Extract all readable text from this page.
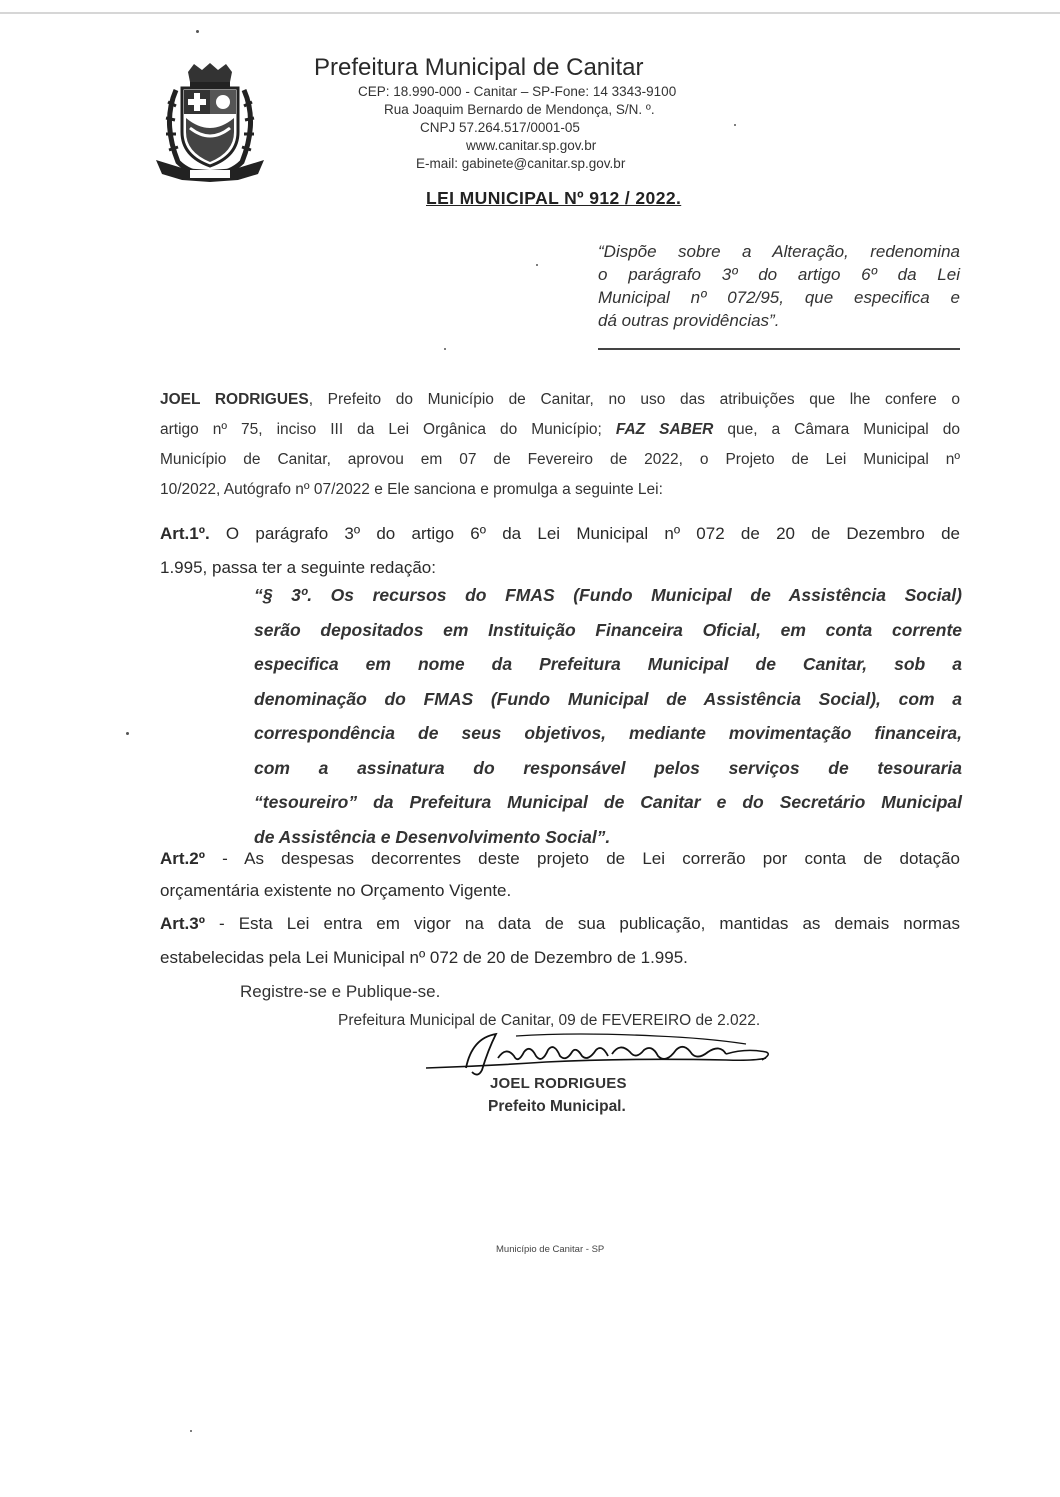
Prefeitura Municipal de Canitar
CEP: 18.990-000 - Canitar – SP-Fone: 14 3343-9100
Rua Joaquim Bernardo de Mendonça, S/N. º.
CNPJ 57.264.517/0001-05
www.canitar.sp.gov.br
E-mail: gabinete@canitar.sp.gov.br
LEI MUNICIPAL Nº 912 / 2022.
“Dispõe sobre a Alteração, redenomina
o parágrafo 3º do artigo 6º da Lei
Municipal nº 072/95, que especifica e
dá outras providências”.
JOEL RODRIGUES, Prefeito do Município de Canitar, no uso das atribuições que lhe confere o
artigo nº 75, inciso III da Lei Orgânica do Município; FAZ SABER que, a Câmara Municipal do
Município de Canitar, aprovou em 07 de Fevereiro de 2022, o Projeto de Lei Municipal nº
10/2022, Autógrafo nº 07/2022 e Ele sanciona e promulga a seguinte Lei:
Art.1º. O parágrafo 3º do artigo 6º da Lei Municipal nº 072 de 20 de Dezembro de
1.995, passa ter a seguinte redação:
“§ 3º. Os recursos do FMAS (Fundo Municipal de Assistência Social)
serão depositados em Instituição Financeira Oficial, em conta corrente
especifica em nome da Prefeitura Municipal de Canitar, sob a
denominação do FMAS (Fundo Municipal de Assistência Social), com a
correspondência de seus objetivos, mediante movimentação financeira,
com a assinatura do responsável pelos serviços de tesouraria
“tesoureiro” da Prefeitura Municipal de Canitar e do Secretário Municipal
de Assistência e Desenvolvimento Social”.
Art.2º - As despesas decorrentes deste projeto de Lei correrão por conta de dotação
orçamentária existente no Orçamento Vigente.
Art.3º - Esta Lei entra em vigor na data de sua publicação, mantidas as demais normas
estabelecidas pela Lei Municipal nº 072 de 20 de Dezembro de 1.995.
Registre-se e Publique-se.
Prefeitura Municipal de Canitar, 09 de FEVEREIRO de 2.022.
JOEL RODRIGUES
Prefeito Municipal.
Município de Canitar - SP
